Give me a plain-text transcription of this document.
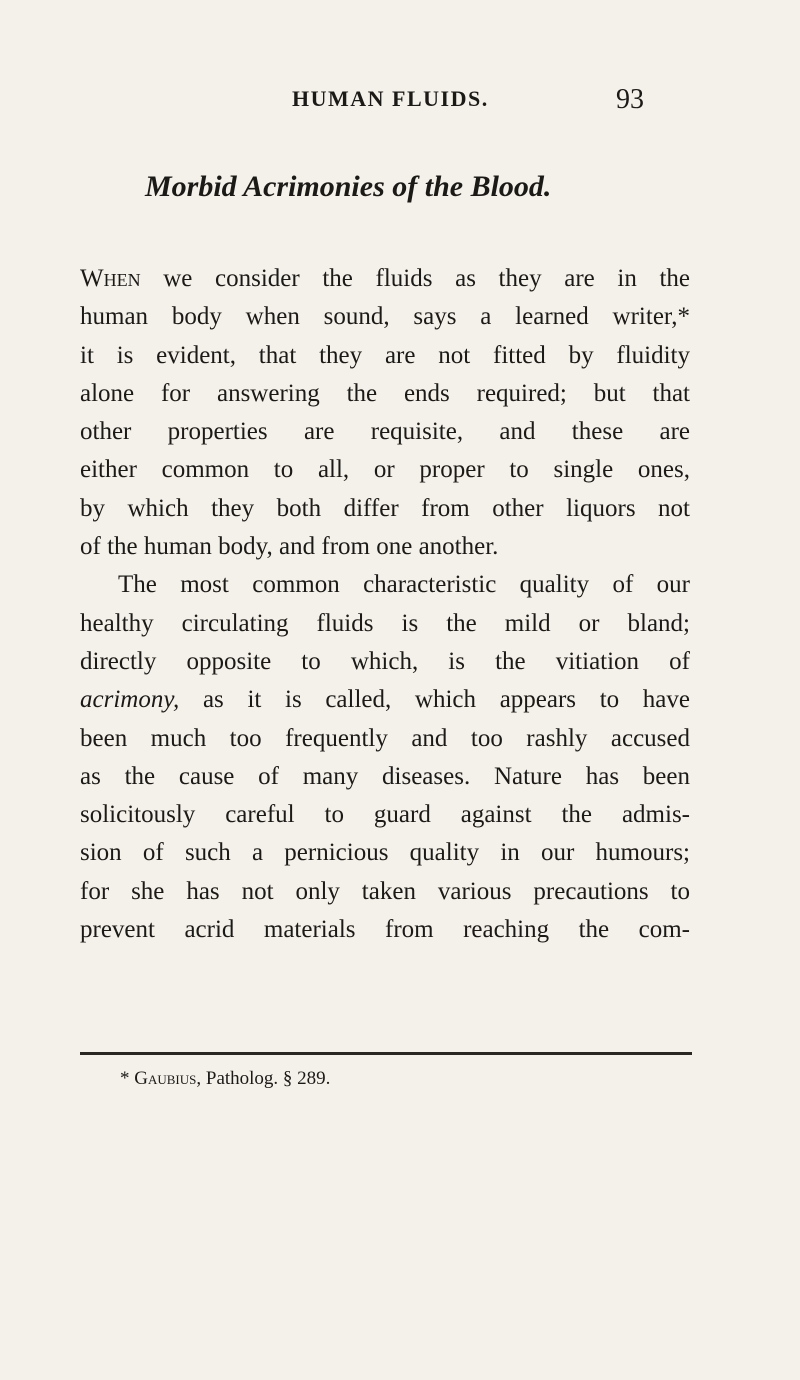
HUMAN FLUIDS.	93
Morbid Acrimonies of the Blood.
When we consider the fluids as they are in the
human body when sound, says a learned writer,*
it is evident, that they are not fitted by fluidity
alone for answering the ends required; but that
other properties are requisite, and these are
either common to all, or proper to single ones,
by which they both differ from other liquors not
of the human body, and from one another.
The most common characteristic quality of our
healthy circulating fluids is the mild or bland;
directly opposite to which, is the vitiation of
acrimony, as it is called, which appears to have
been much too frequently and too rashly accused
as the cause of many diseases. Nature has been
solicitously careful to guard against the admis-
sion of such a pernicious quality in our humours;
for she has not only taken various precautions to
prevent acrid materials from reaching the com-
* Gaubius, Patholog. § 289.
